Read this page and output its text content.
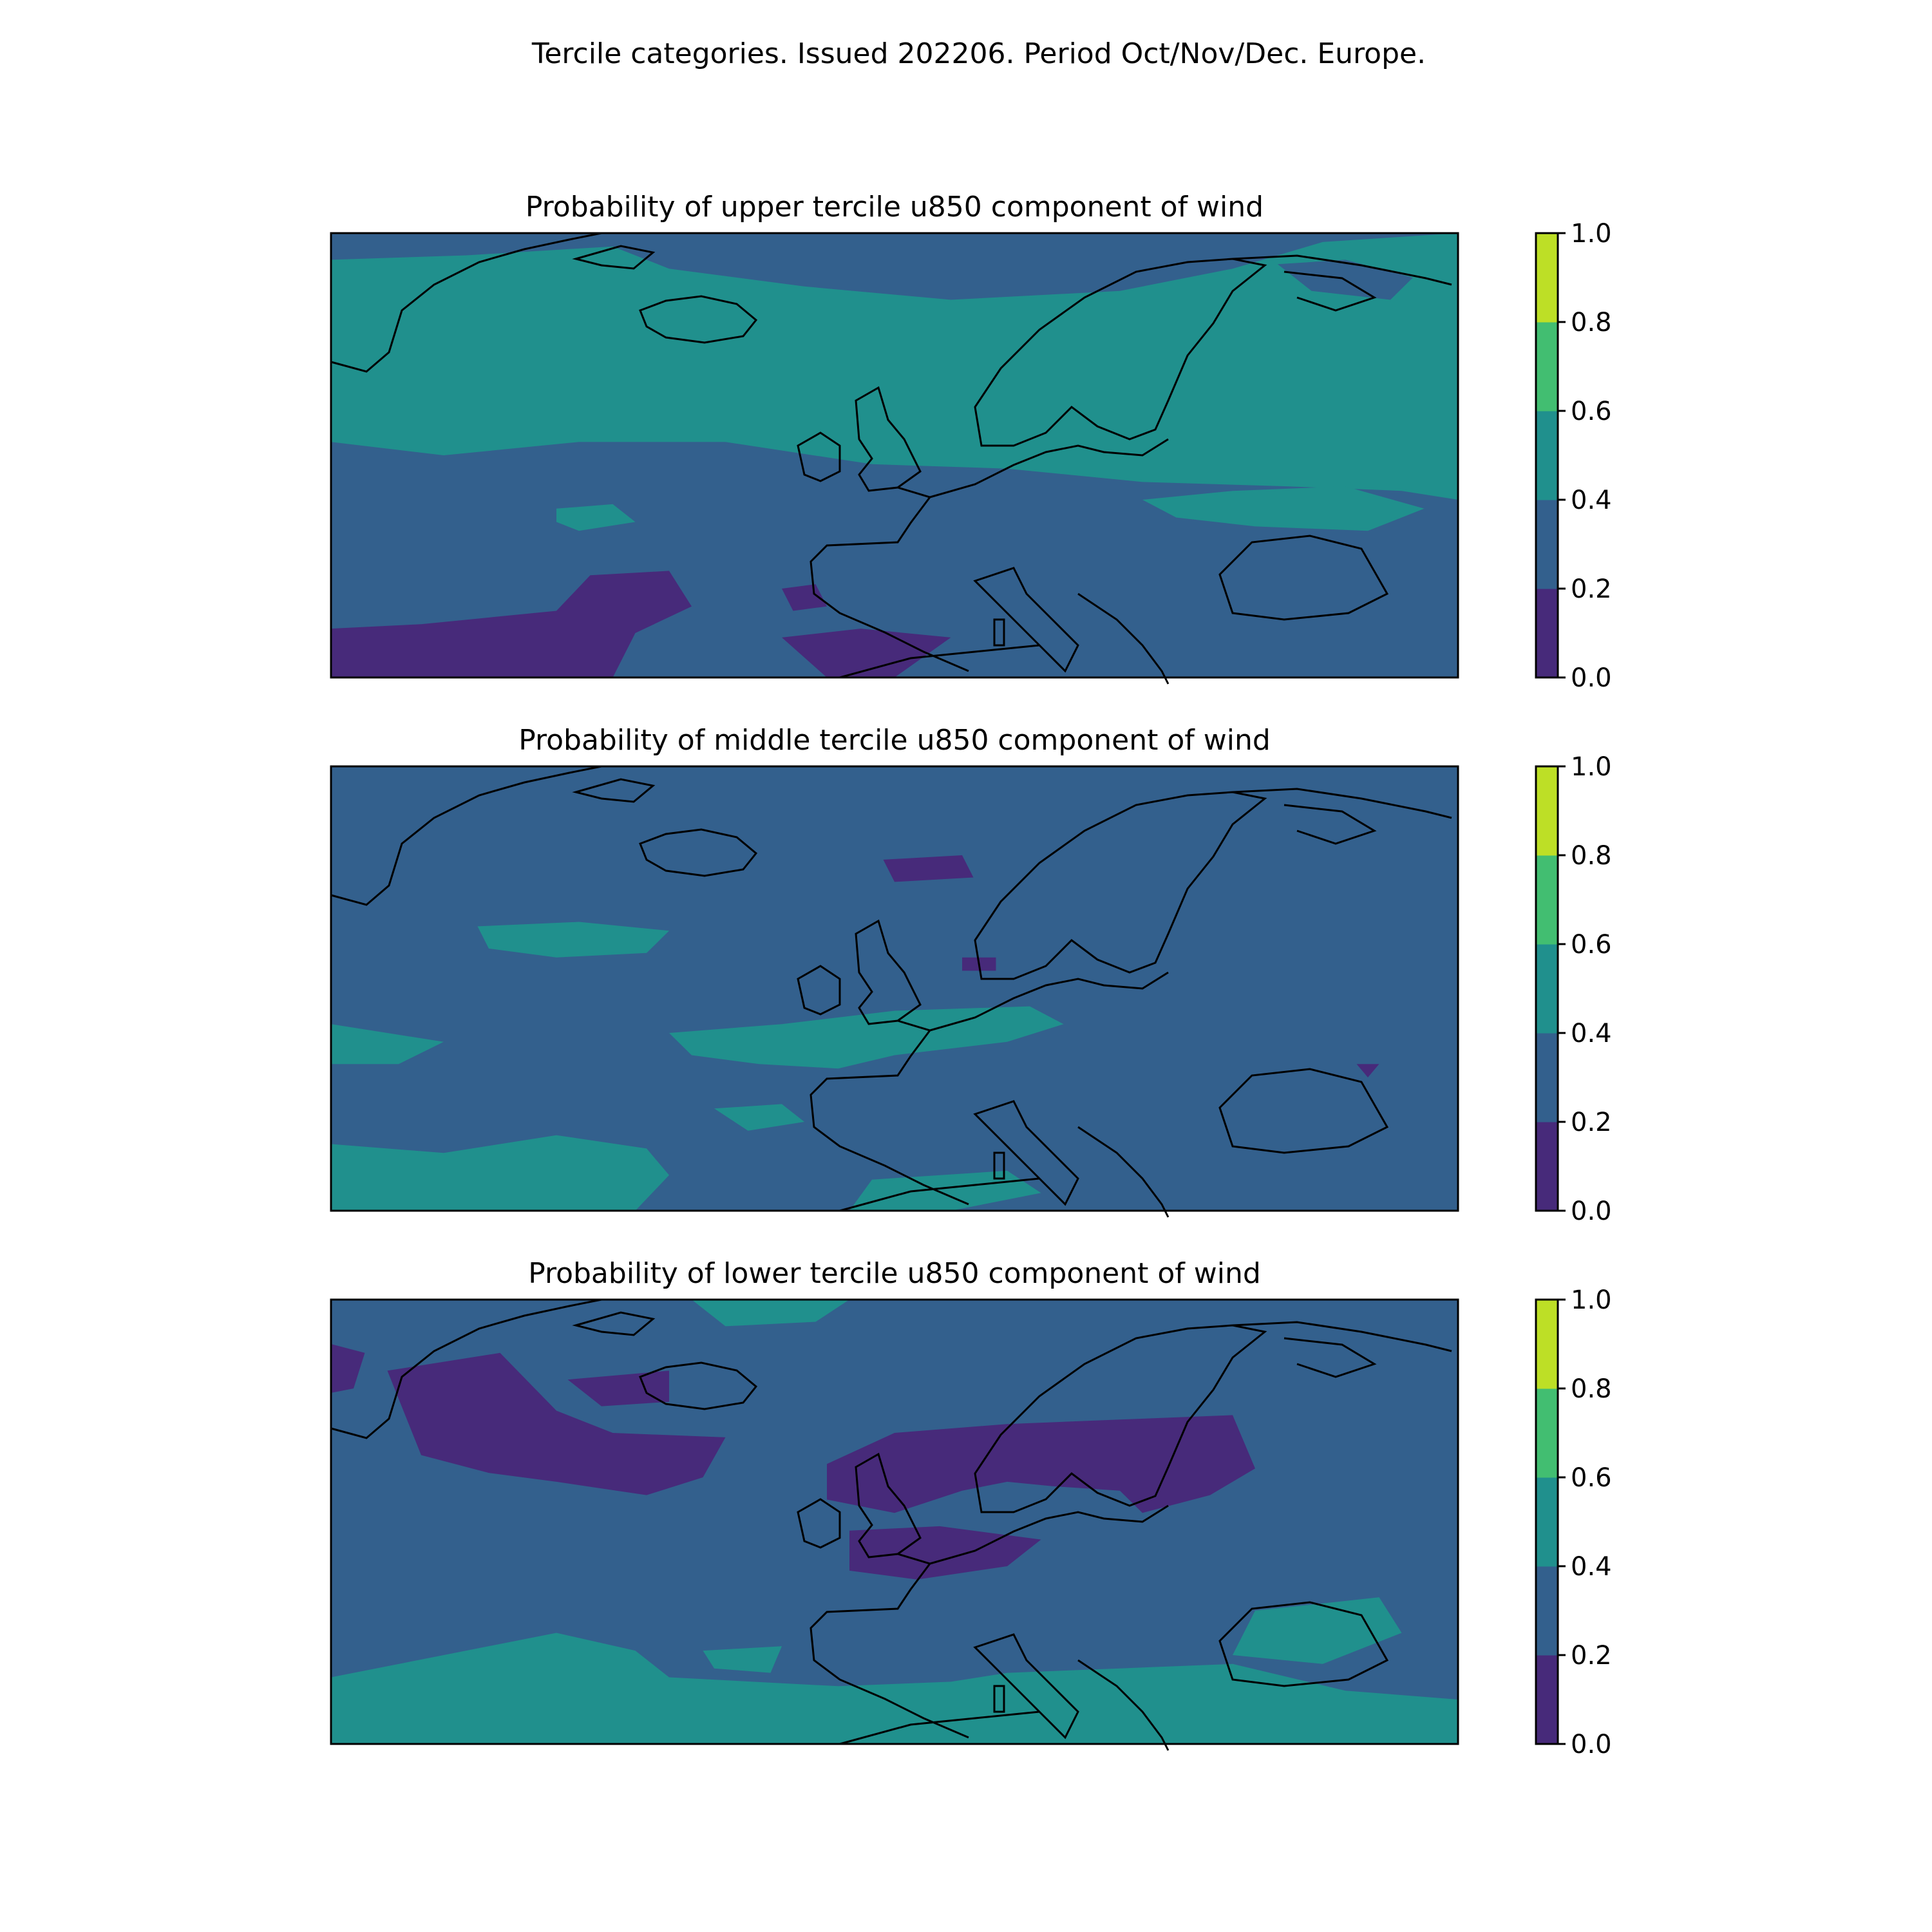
Tercile categories. Issued 202206. Period Oct/Nov/Dec. Europe.
Probability of upper tercile u850 component of wind
Probability of middle tercile u850 component of wind
Probability of lower tercile u850 component of wind
0.0
0.2
0.4
0.6
0.8
1.0
0.0
0.2
0.4
0.6
0.8
1.0
0.0
0.2
0.4
0.6
0.8
1.0
